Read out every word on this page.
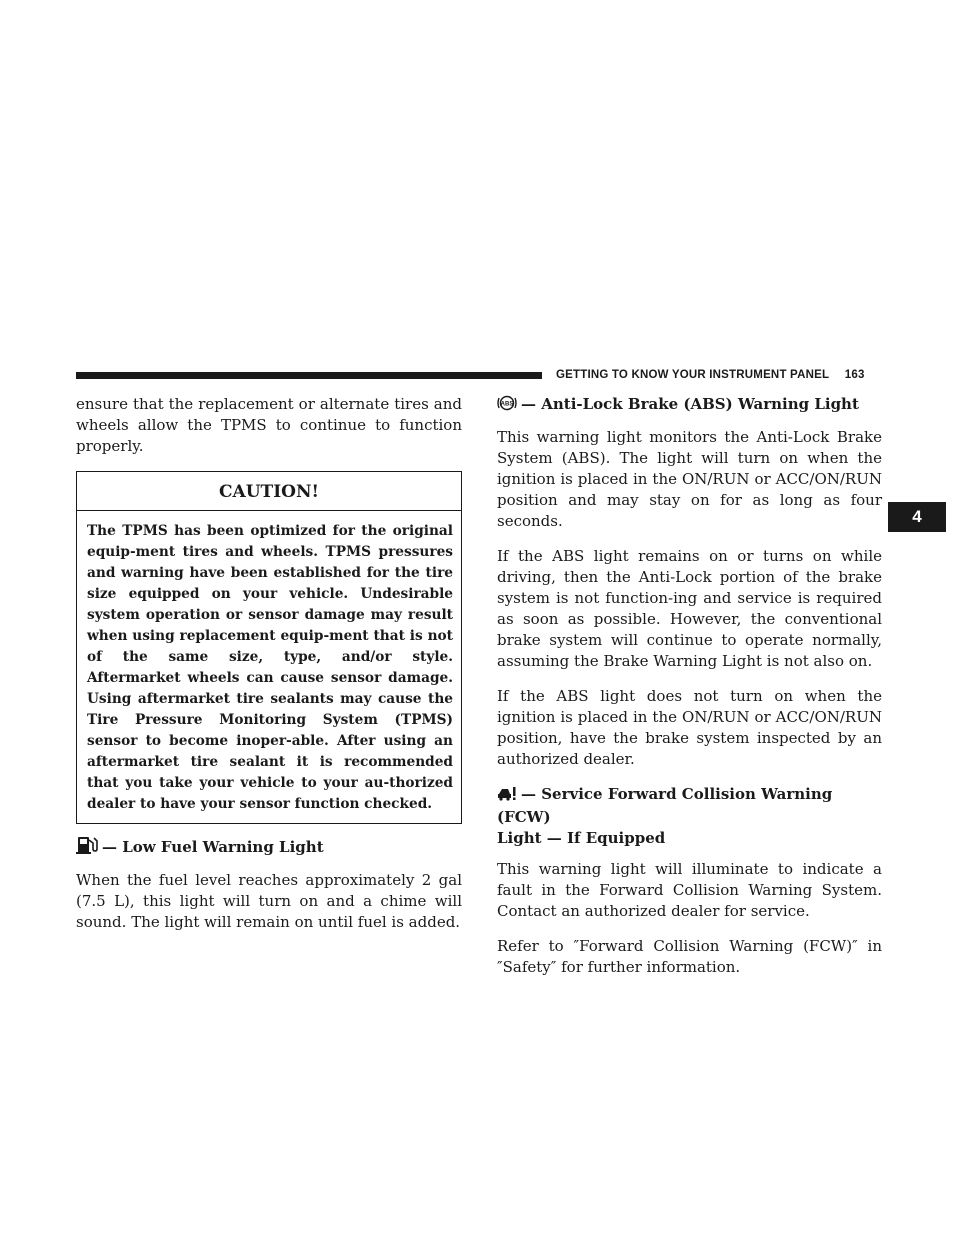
GETTING TO KNOW YOUR INSTRUMENT PANEL 163
4

ensure that the replacement or alternate tires and wheels allow the TPMS to continue to function properly.

CAUTION!
The TPMS has been optimized for the original equip-ment tires and wheels. TPMS pressures and warning have been established for the tire size equipped on your vehicle. Undesirable system operation or sensor damage may result when using replacement equip-ment that is not of the same size, type, and/or style. Aftermarket wheels can cause sensor damage. Using aftermarket tire sealants may cause the Tire Pressure Monitoring System (TPMS) sensor to become inoper-able. After using an aftermarket tire sealant it is recommended that you take your vehicle to your au-thorized dealer to have your sensor function checked.
— Low Fuel Warning Light

When the fuel level reaches approximately 2 gal (7.5 L), this light will turn on and a chime will sound. The light will remain on until fuel is added.

ABS — Anti-Lock Brake (ABS) Warning Light

This warning light monitors the Anti-Lock Brake System (ABS). The light will turn on when the ignition is placed in the ON/RUN or ACC/ON/RUN position and may stay on for as long as four seconds.

If the ABS light remains on or turns on while driving, then the Anti-Lock portion of the brake system is not function-ing and service is required as soon as possible. However, the conventional brake system will continue to operate normally, assuming the Brake Warning Light is not also on.

If the ABS light does not turn on when the ignition is placed in the ON/RUN or ACC/ON/RUN position, have the brake system inspected by an authorized dealer.

— Service Forward Collision Warning (FCW)
Light — If Equipped

This warning light will illuminate to indicate a fault in the Forward Collision Warning System. Contact an authorized dealer for service.

Refer to ″Forward Collision Warning (FCW)″ in ″Safety″ for further information.
